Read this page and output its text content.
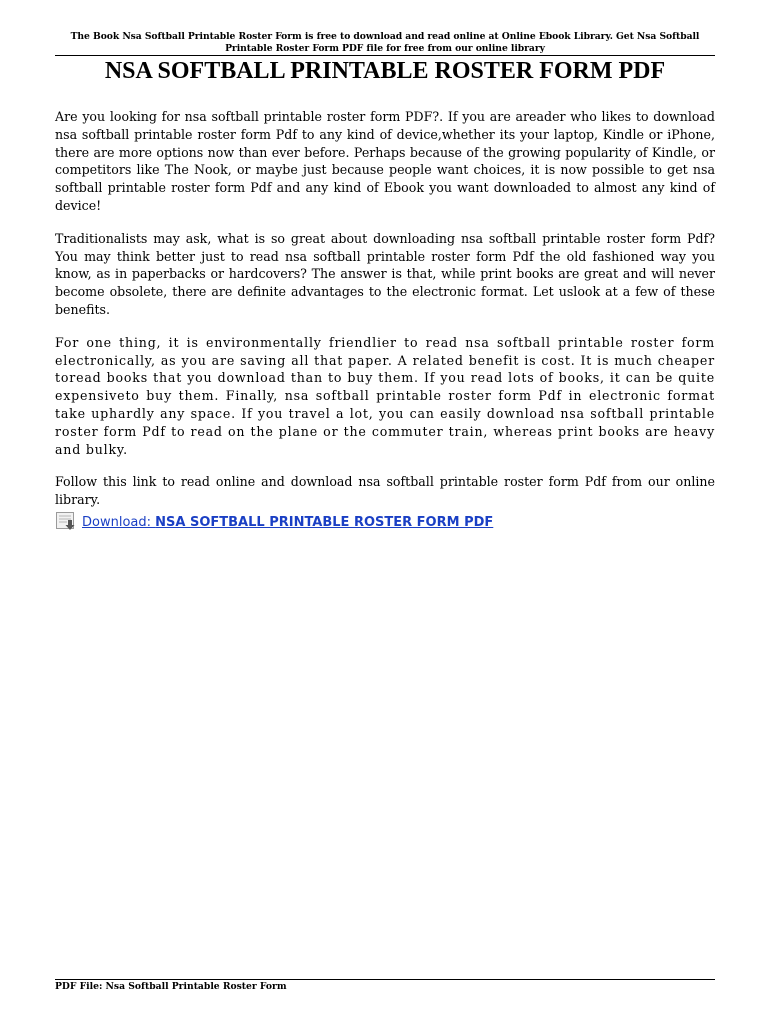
The Book Nsa Softball Printable Roster Form is free to download and read online at Online Ebook Library. Get Nsa Softball Printable Roster Form PDF file for free from our online library
NSA SOFTBALL PRINTABLE ROSTER FORM PDF

Are you looking for nsa softball printable roster form PDF?. If you are areader who likes to download nsa softball printable roster form Pdf to any kind of device,whether its your laptop, Kindle or iPhone, there are more options now than ever before. Perhaps because of the growing popularity of Kindle, or competitors like The Nook, or maybe just because people want choices, it is now possible to get nsa softball printable roster form Pdf and any kind of Ebook you want downloaded to almost any kind of device!

Traditionalists may ask, what is so great about downloading nsa softball printable roster form Pdf? You may think better just to read nsa softball printable roster form Pdf the old fashioned way you know, as in paperbacks or hardcovers? The answer is that, while print books are great and will never become obsolete, there are definite advantages to the electronic format. Let uslook at a few of these benefits.

For one thing, it is environmentally friendlier to read nsa softball printable roster form electronically, as you are saving all that paper. A related benefit is cost. It is much cheaper toread books that you download than to buy them. If you read lots of books, it can be quite expensiveto buy them. Finally, nsa softball printable roster form Pdf in electronic format take uphardly any space. If you travel a lot, you can easily download nsa softball printable roster form Pdf to read on the plane or the commuter train, whereas print books are heavy and bulky.

Follow this link to read online and download nsa softball printable roster form Pdf from our online library.

Download: NSA SOFTBALL PRINTABLE ROSTER FORM PDF
PDF File: Nsa Softball Printable Roster Form
